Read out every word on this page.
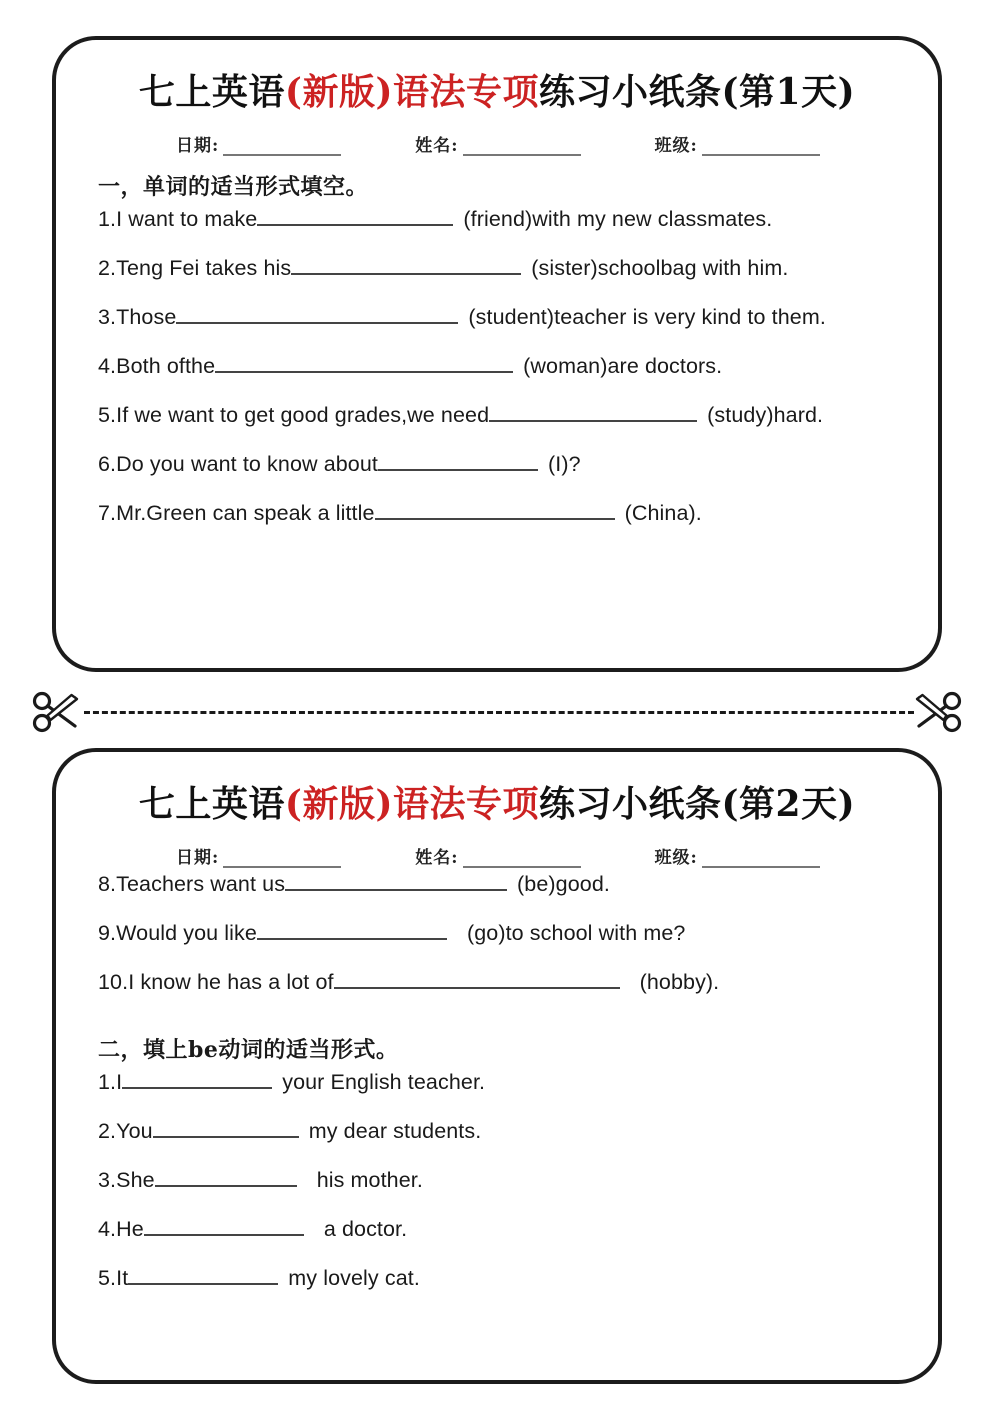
七上英语(新版)语法专项练习小纸条(第1天)
日期:	姓名:	班级:
一，单词的适当形式填空。
1.I want to make	(friend)with my new classmates.
2.Teng Fei takes his	(sister)schoolbag with him.
3.Those	(student)teacher is very kind to them.
4.Both ofthe	(woman)are doctors.
5.If we want to get good grades,we need	(study)hard.
6.Do you want to know about	(I)?
7.Mr.Green can speak a little	(China).
www.ilstudy.com
七上英语(新版)语法专项练习小纸条(第2天)
日期:	姓名:	班级:
8.Teachers want us	(be)good.
9.Would you like	(go)to school with me?
10.I know he has a lot of	(hobby).
二，填上be动词的适当形式。
1.I	your English teacher.
2.You	my dear students.
3.She	his mother.
4.He	a doctor.
5.It	my lovely cat.
